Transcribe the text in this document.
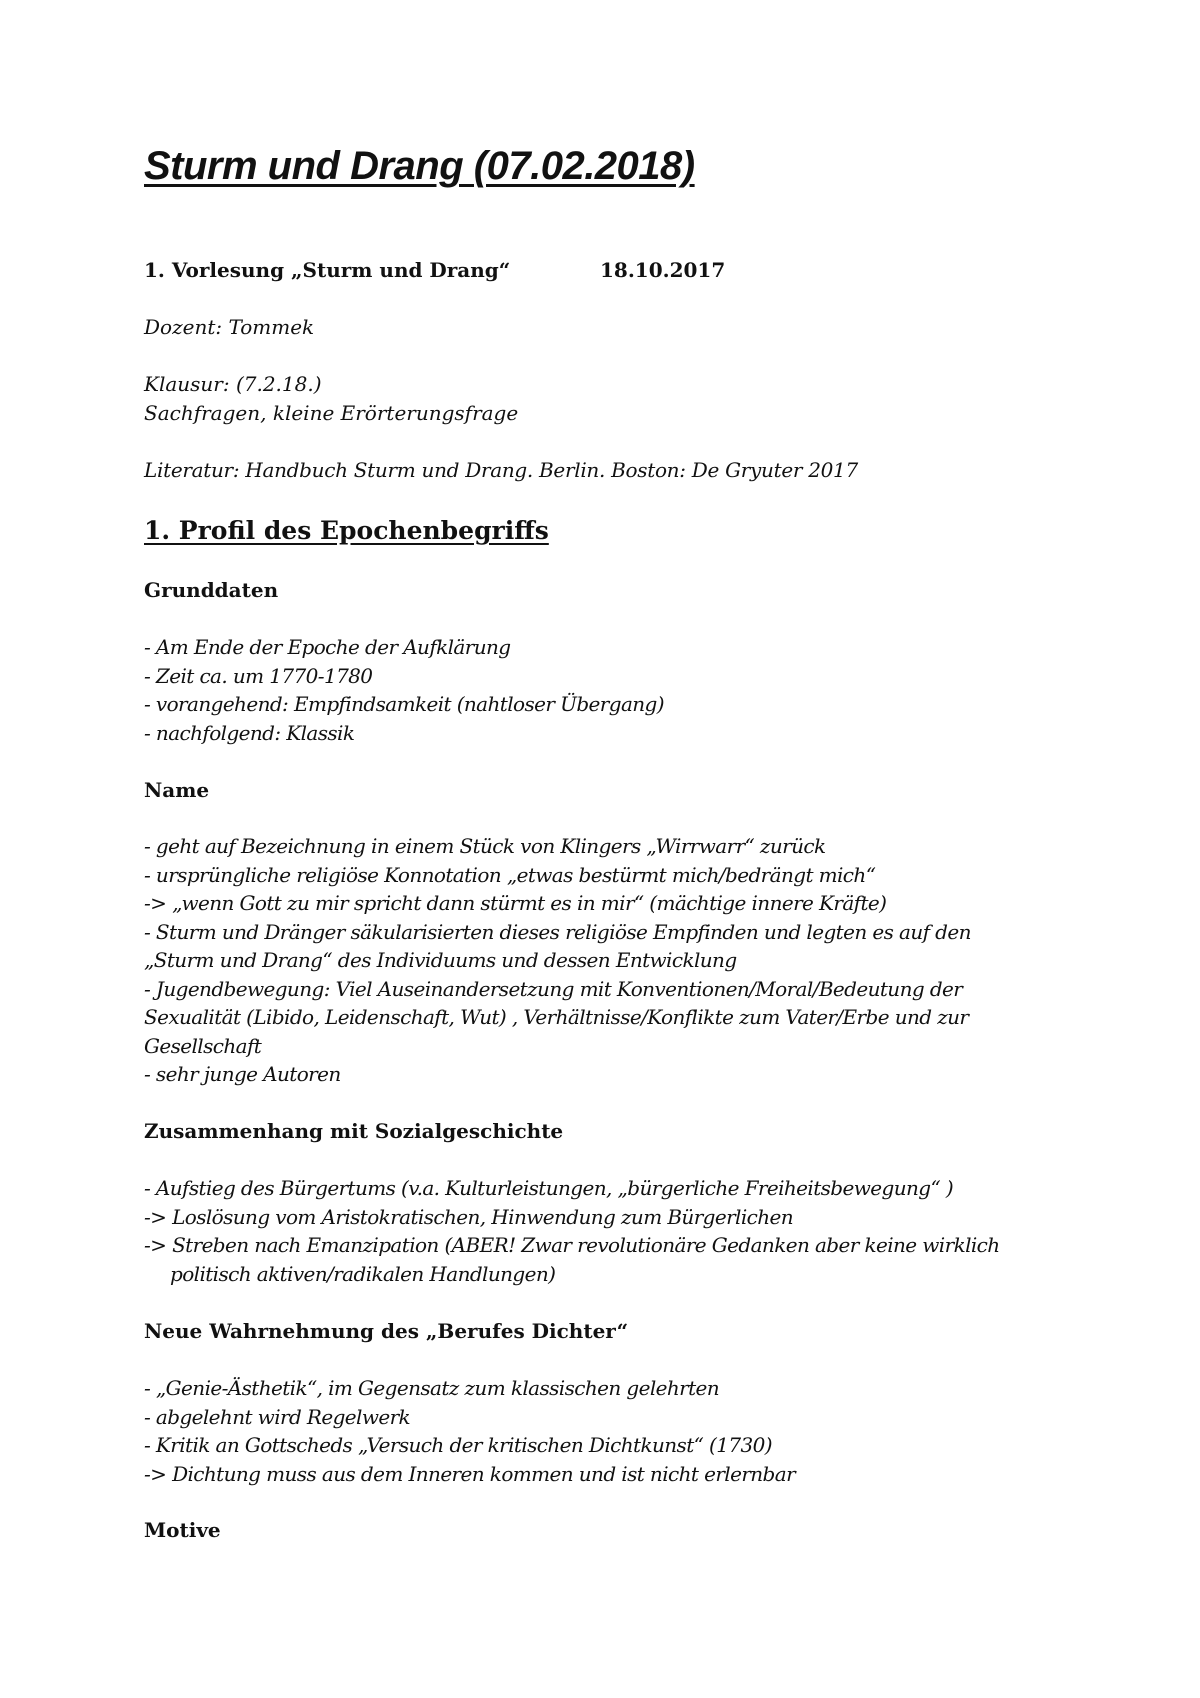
Sturm und Drang (07.02.2018)
1. Vorlesung „Sturm und Drang“	18.10.2017

Dozent: Tommek

Klausur: (7.2.18.)
Sachfragen, kleine Erörterungsfrage

Literatur: Handbuch Sturm und Drang. Berlin. Boston: De Gryuter 2017

1. Profil des Epochenbegriffs
Grunddaten
- Am Ende der Epoche der Aufklärung
- Zeit ca. um 1770-1780
- vorangehend: Empfindsamkeit (nahtloser Übergang)
- nachfolgend: Klassik
Name
- geht auf Bezeichnung in einem Stück von Klingers „Wirrwarr“ zurück
- ursprüngliche religiöse Konnotation „etwas bestürmt mich/bedrängt mich“
-> „wenn Gott zu mir spricht dann stürmt es in mir“ (mächtige innere Kräfte)
- Sturm und Dränger säkularisierten dieses religiöse Empfinden und legten es auf den
„Sturm und Drang“ des Individuums und dessen Entwicklung
- Jugendbewegung: Viel Auseinandersetzung mit Konventionen/Moral/Bedeutung der
Sexualität (Libido, Leidenschaft, Wut) , Verhältnisse/Konflikte zum Vater/Erbe und zur
Gesellschaft
- sehr junge Autoren
Zusammenhang mit Sozialgeschichte
- Aufstieg des Bürgertums (v.a. Kulturleistungen, „bürgerliche Freiheitsbewegung“ )
-> Loslösung vom Aristokratischen, Hinwendung zum Bürgerlichen
-> Streben nach Emanzipation (ABER! Zwar revolutionäre Gedanken aber keine wirklich
politisch aktiven/radikalen Handlungen)
Neue Wahrnehmung des „Berufes Dichter“
- „Genie-Ästhetik“, im Gegensatz zum klassischen gelehrten
- abgelehnt wird Regelwerk
- Kritik an Gottscheds „Versuch der kritischen Dichtkunst“ (1730)
-> Dichtung muss aus dem Inneren kommen und ist nicht erlernbar
Motive
